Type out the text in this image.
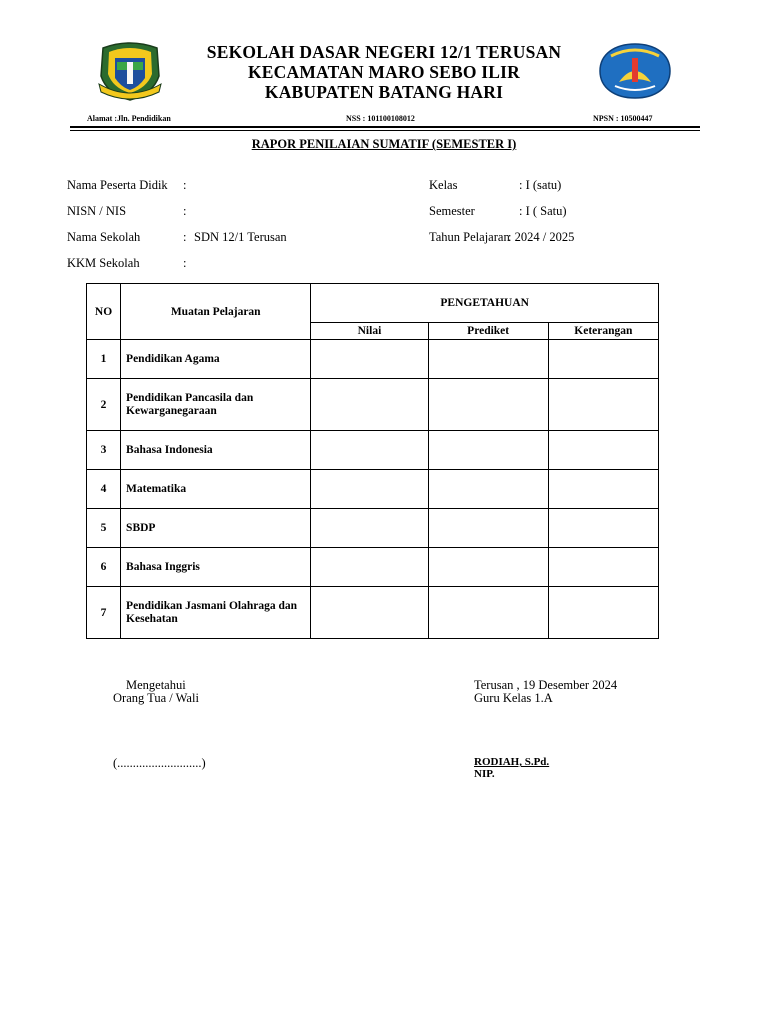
SEKOLAH DASAR NEGERI 12/1 TERUSAN
KECAMATAN MARO SEBO ILIR
KABUPATEN BATANG HARI
Alamat :Jln. Pendidikan	NSS : 101100108012	NPSN : 10500447
RAPOR PENILAIAN SUMATIF (SEMESTER I)
Nama Peserta Didik :
NISN / NIS	:
Nama Sekolah	: SDN 12/1 Terusan
KKM Sekolah	:
Kelas	: I (satu)
Semester	: I ( Satu)
Tahun Pelajaran
: 2024 / 2025
NO	Muatan Pelajaran	PENGETAHUAN		
		Nilai	Prediket	Keterangan
1	Pendidikan Agama			
2	Pendidikan Pancasila dan Kewarganegaraan			
3	Bahasa Indonesia			
4	Matematika			
5	SBDP			
6	Bahasa Inggris			
7	Pendidikan Jasmani Olahraga dan Kesehatan			
Mengetahui
Orang Tua / Wali
(...........................)
Terusan , 19 Desember 2024
Guru Kelas 1.A
RODIAH, S.Pd.
NIP.
